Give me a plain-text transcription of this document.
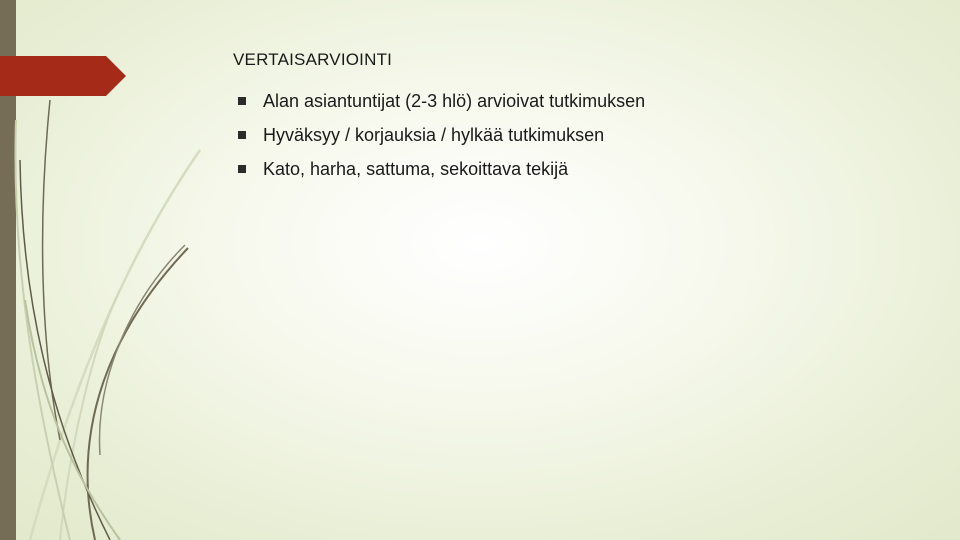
VERTAISARVIOINTI
Alan asiantuntijat (2-3 hlö) arvioivat tutkimuksen
Hyväksyy / korjauksia / hylkää tutkimuksen
Kato, harha, sattuma, sekoittava tekijä
